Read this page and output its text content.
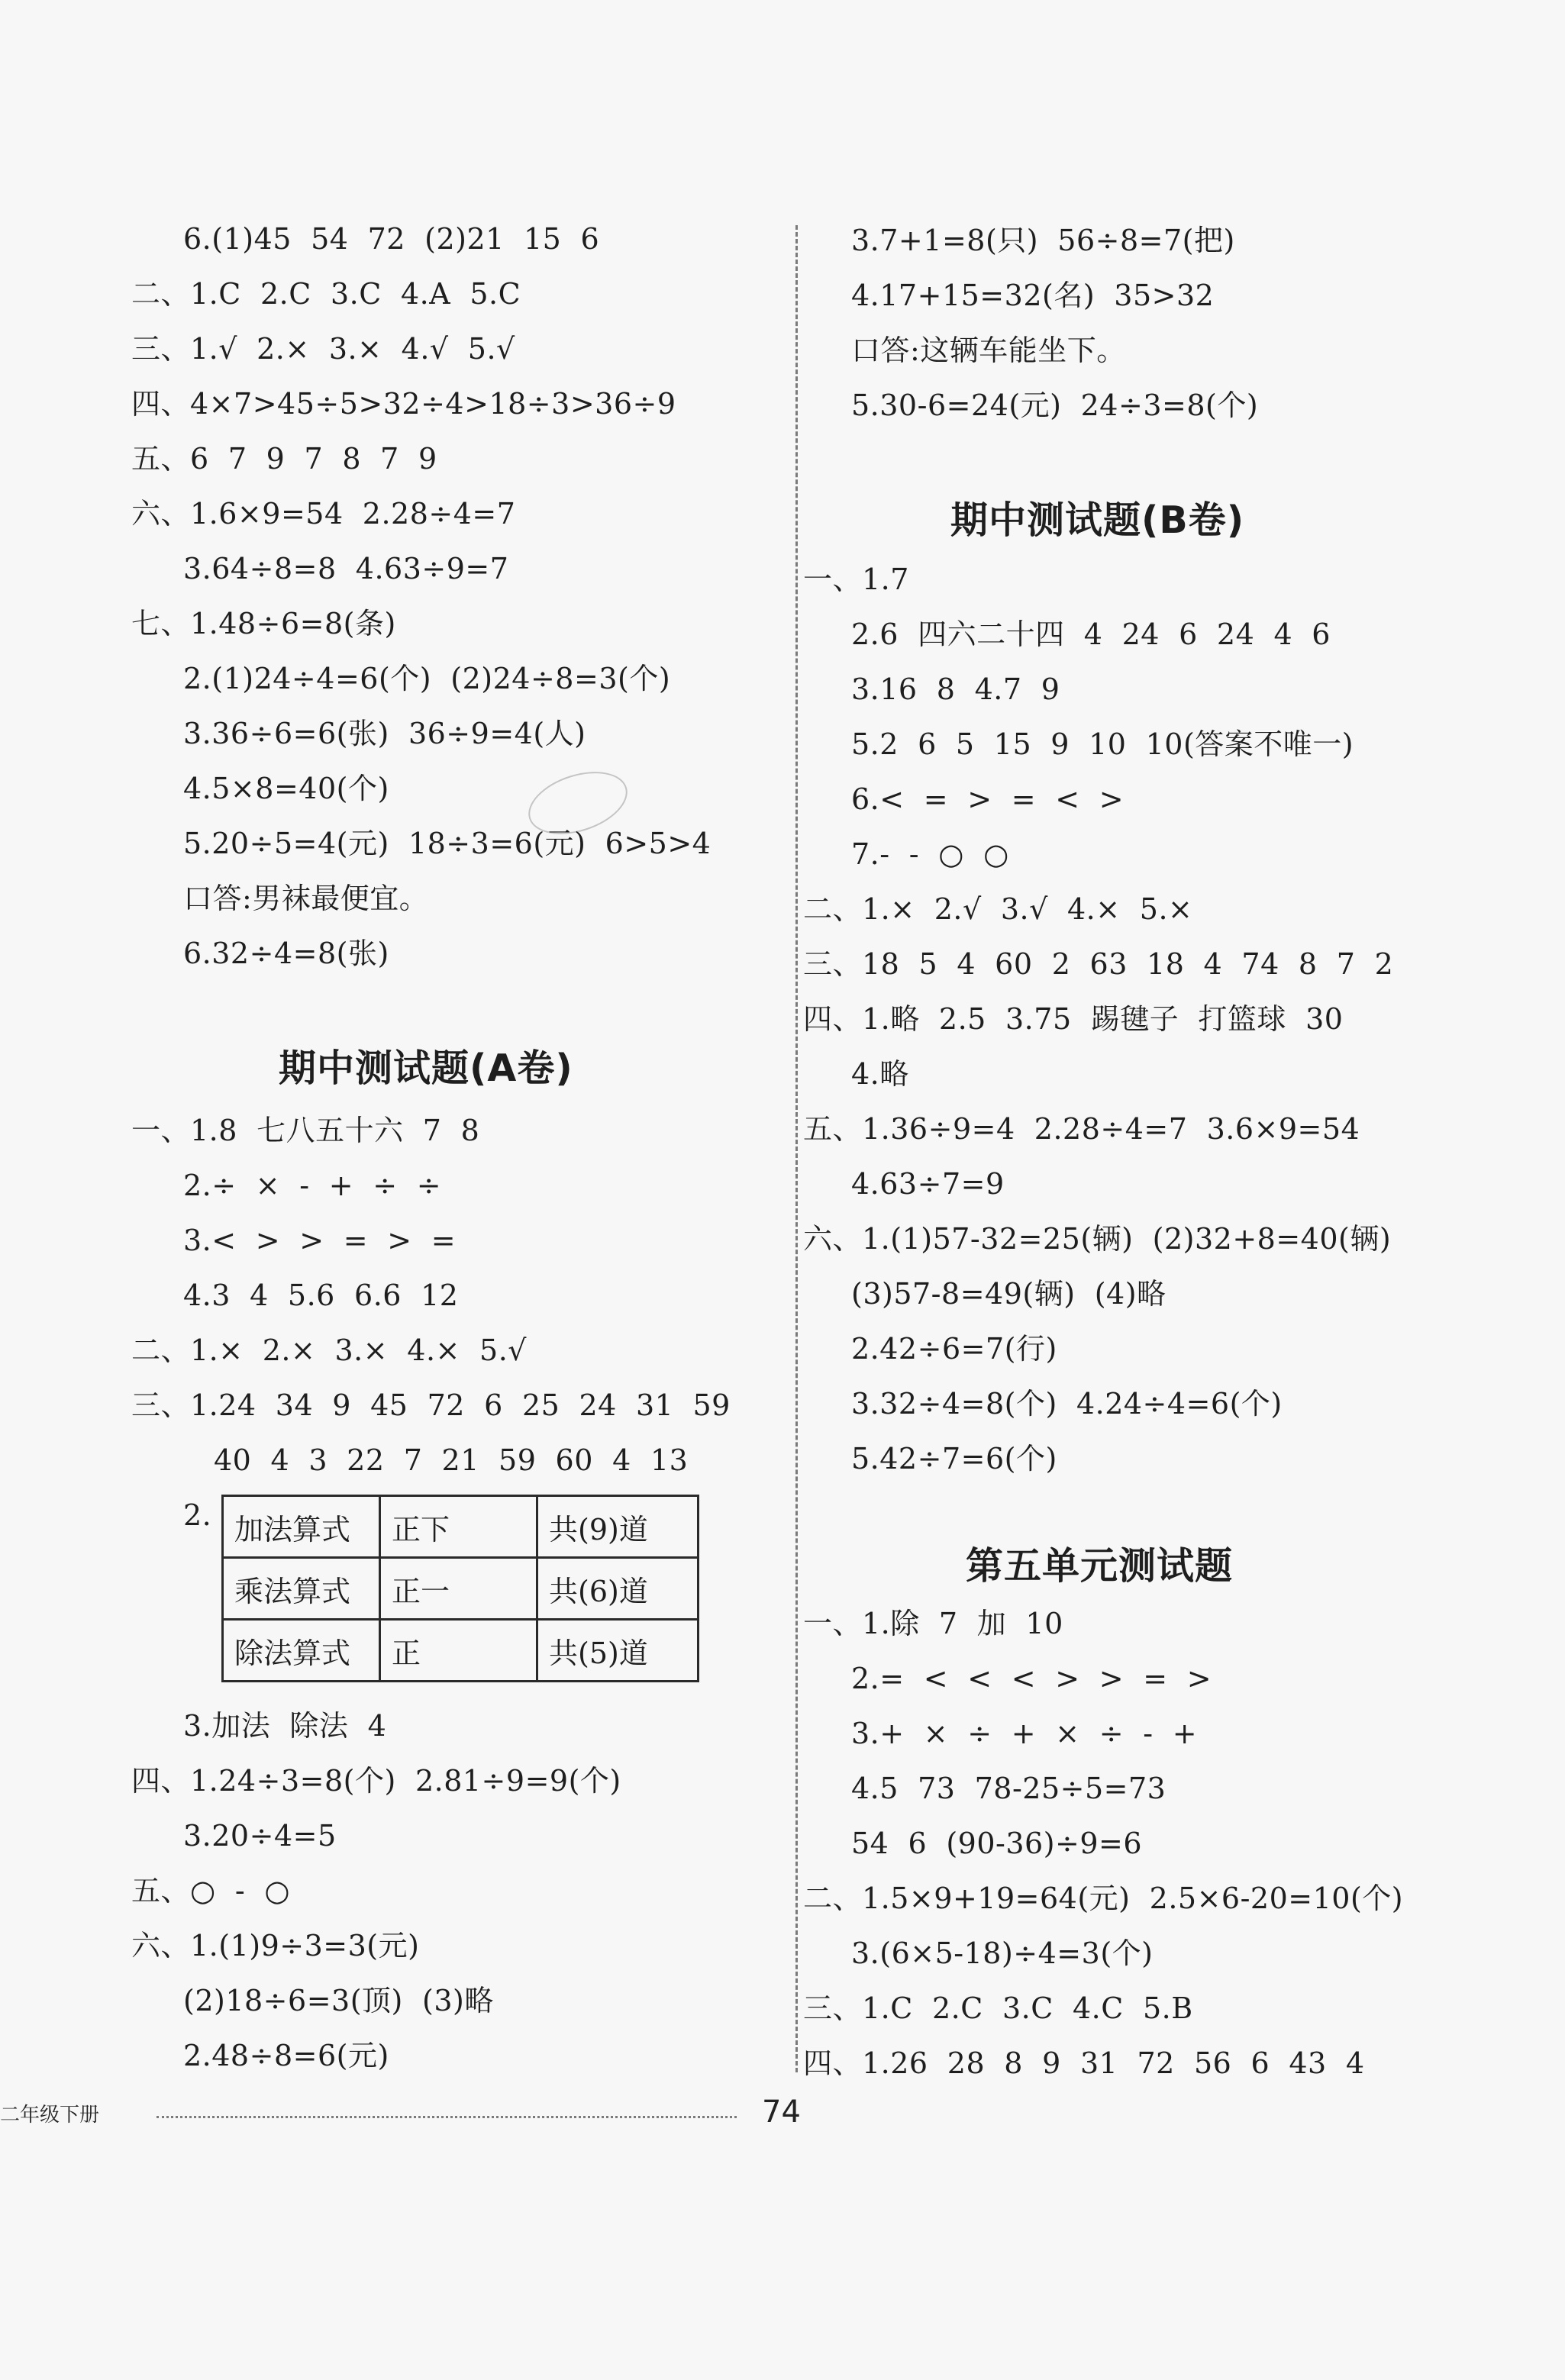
6.(1)45  54  72  (2)21  15  6
二、1.C  2.C  3.C  4.A  5.C
三、1.√  2.×  3.×  4.√  5.√
四、4×7>45÷5>32÷4>18÷3>36÷9
五、6  7  9  7  8  7  9
六、1.6×9=54  2.28÷4=7
3.64÷8=8  4.63÷9=7
七、1.48÷6=8(条)
2.(1)24÷4=6(个)  (2)24÷8=3(个)
3.36÷6=6(张)  36÷9=4(人)
4.5×8=40(个)
5.20÷5=4(元)  18÷3=6(元)  6>5>4
口答:男袜最便宜。
6.32÷4=8(张)
期中测试题(A卷)
一、1.8  七八五十六  7  8
2.÷  ×  -  +  ÷  ÷
3.<  >  >  =  >  =
4.3  4  5.6  6.6  12
二、1.×  2.×  3.×  4.×  5.√
三、1.24  34  9  45  72  6  25  24  31  59
40  4  3  22  7  21  59  60  4  13
2. 加法算式	正下	共(9)道
乘法算式	正一	共(6)道
除法算式	正	共(5)道
3.加法  除法  4
四、1.24÷3=8(个)  2.81÷9=9(个)
3.20÷4=5
五、○  -  ○
六、1.(1)9÷3=3(元)
(2)18÷6=3(顶)  (3)略
2.48÷8=6(元)
3.7+1=8(只)  56÷8=7(把)
4.17+15=32(名)  35>32
口答:这辆车能坐下。
5.30-6=24(元)  24÷3=8(个)
期中测试题(B卷)
一、1.7
2.6  四六二十四  4  24  6  24  4  6
3.16  8  4.7  9
5.2  6  5  15  9  10  10(答案不唯一)
6.<  =  >  =  <  >
7.-  -  ○  ○
二、1.×  2.√  3.√  4.×  5.×
三、18  5  4  60  2  63  18  4  74  8  7  2
四、1.略  2.5  3.75  踢毽子  打篮球  30
4.略
五、1.36÷9=4  2.28÷4=7  3.6×9=54
4.63÷7=9
六、1.(1)57-32=25(辆)  (2)32+8=40(辆)
(3)57-8=49(辆)  (4)略
2.42÷6=7(行)
3.32÷4=8(个)  4.24÷4=6(个)
5.42÷7=6(个)
第五单元测试题
一、1.除  7  加  10
2.=  <  <  <  >  >  =  >
3.+  ×  ÷  +  ×  ÷  -  +
4.5  73  78-25÷5=73
54  6  (90-36)÷9=6
二、1.5×9+19=64(元)  2.5×6-20=10(个)
3.(6×5-18)÷4=3(个)
三、1.C  2.C  3.C  4.C  5.B
四、1.26  28  8  9  31  72  56  6  43  4
二年级下册	74
